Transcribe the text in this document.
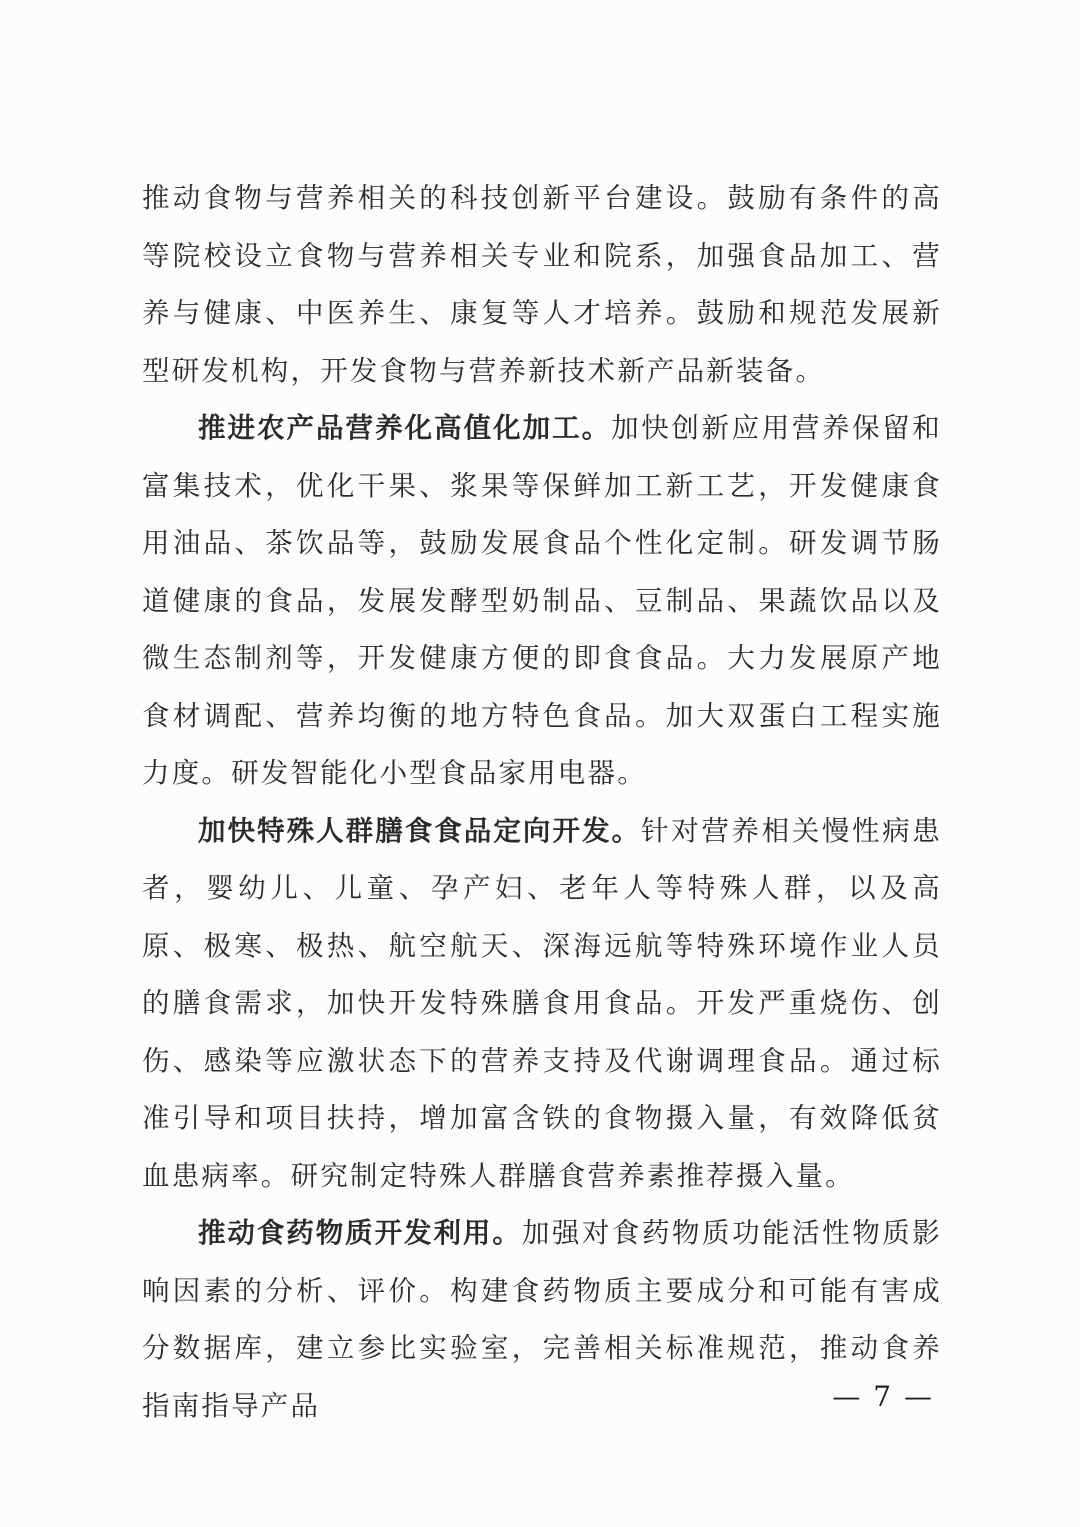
推动食物与营养相关的科技创新平台建设。鼓励有条件的高等院校设立食物与营养相关专业和院系，加强食品加工、营养与健康、中医养生、康复等人才培养。鼓励和规范发展新型研发机构，开发食物与营养新技术新产品新装备。

推进农产品营养化高值化加工。加快创新应用营养保留和富集技术，优化干果、浆果等保鲜加工新工艺，开发健康食用油品、茶饮品等，鼓励发展食品个性化定制。研发调节肠道健康的食品，发展发酵型奶制品、豆制品、果蔬饮品以及微生态制剂等，开发健康方便的即食食品。大力发展原产地食材调配、营养均衡的地方特色食品。加大双蛋白工程实施力度。研发智能化小型食品家用电器。

加快特殊人群膳食食品定向开发。针对营养相关慢性病患者，婴幼儿、儿童、孕产妇、老年人等特殊人群，以及高原、极寒、极热、航空航天、深海远航等特殊环境作业人员的膳食需求，加快开发特殊膳食用食品。开发严重烧伤、创伤、感染等应激状态下的营养支持及代谢调理食品。通过标准引导和项目扶持，增加富含铁的食物摄入量，有效降低贫血患病率。研究制定特殊人群膳食营养素推荐摄入量。

推动食药物质开发利用。加强对食药物质功能活性物质影响因素的分析、评价。构建食药物质主要成分和可能有害成分数据库，建立参比实验室，完善相关标准规范，推动食养指南指导产品	— 7 —
